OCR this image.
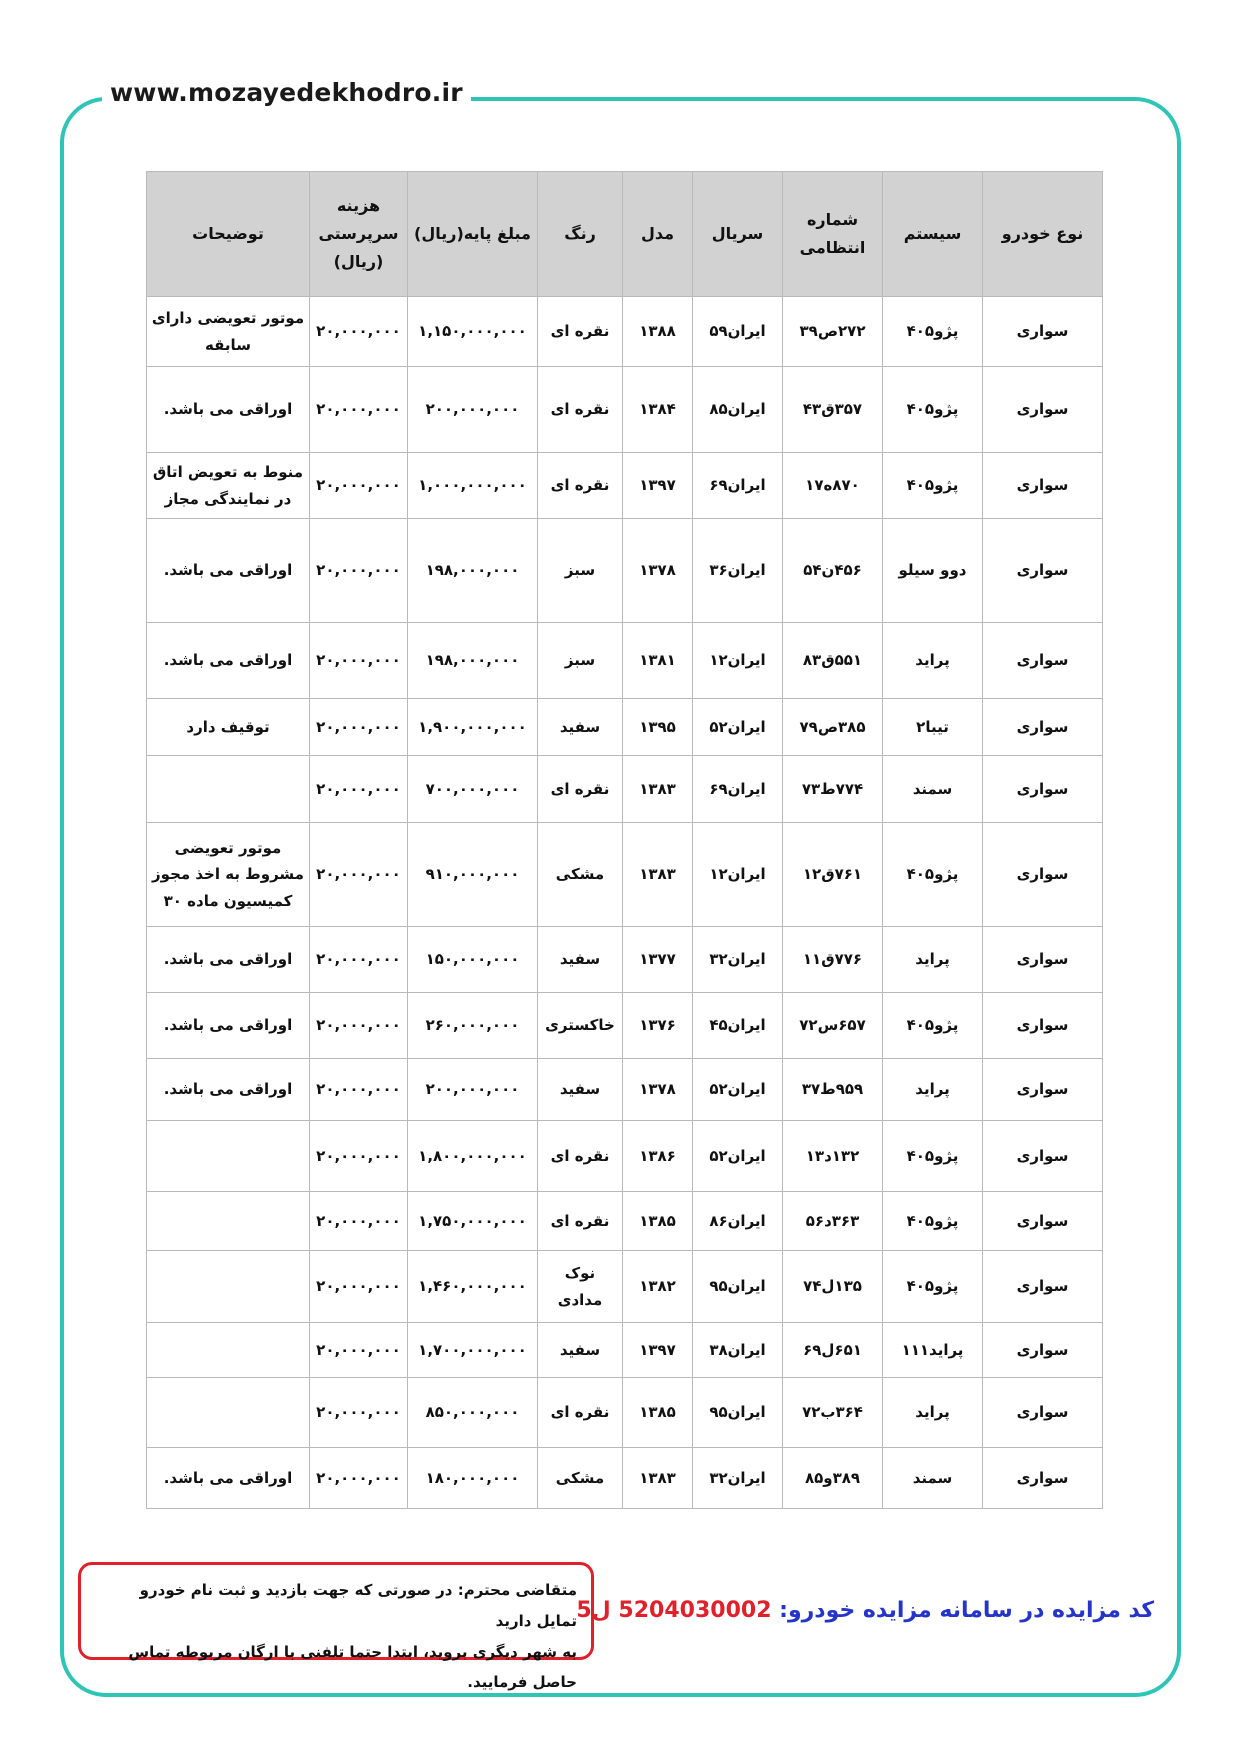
www.mozayedekhodro.ir
نوع خودرو	سیستم	شماره انتظامی	سریال	مدل	رنگ	مبلغ پایه(ریال)	هزینه سرپرستی (ریال)	توضیحات
سواری	پژو۴۰۵	۲۷۲ص۳۹	ایران۵۹	۱۳۸۸	نقره ای	۱,۱۵۰,۰۰۰,۰۰۰	۲۰,۰۰۰,۰۰۰	موتور تعویضی دارای سابقه
سواری	پژو۴۰۵	۳۵۷ق۴۳	ایران۸۵	۱۳۸۴	نقره ای	۲۰۰,۰۰۰,۰۰۰	۲۰,۰۰۰,۰۰۰	اوراقی می باشد.
سواری	پژو۴۰۵	۸۷۰ه۱۷	ایران۶۹	۱۳۹۷	نقره ای	۱,۰۰۰,۰۰۰,۰۰۰	۲۰,۰۰۰,۰۰۰	منوط به تعویض اتاق در نمایندگی مجاز
سواری	دوو سیلو	۴۵۶ن۵۴	ایران۳۶	۱۳۷۸	سبز	۱۹۸,۰۰۰,۰۰۰	۲۰,۰۰۰,۰۰۰	اوراقی می باشد.
سواری	پراید	۵۵۱ق۸۳	ایران۱۲	۱۳۸۱	سبز	۱۹۸,۰۰۰,۰۰۰	۲۰,۰۰۰,۰۰۰	اوراقی می باشد.
سواری	تیبا۲	۳۸۵ص۷۹	ایران۵۲	۱۳۹۵	سفید	۱,۹۰۰,۰۰۰,۰۰۰	۲۰,۰۰۰,۰۰۰	توقیف دارد
سواری	سمند	۷۷۴ط۷۳	ایران۶۹	۱۳۸۳	نقره ای	۷۰۰,۰۰۰,۰۰۰	۲۰,۰۰۰,۰۰۰	
سواری	پژو۴۰۵	۷۶۱ق۱۲	ایران۱۲	۱۳۸۳	مشکی	۹۱۰,۰۰۰,۰۰۰	۲۰,۰۰۰,۰۰۰	موتور تعویضی مشروط به اخذ مجوز کمیسیون ماده ۳۰
سواری	پراید	۷۷۶ق۱۱	ایران۳۲	۱۳۷۷	سفید	۱۵۰,۰۰۰,۰۰۰	۲۰,۰۰۰,۰۰۰	اوراقی می باشد.
سواری	پژو۴۰۵	۶۵۷س۷۲	ایران۴۵	۱۳۷۶	خاکستری	۲۶۰,۰۰۰,۰۰۰	۲۰,۰۰۰,۰۰۰	اوراقی می باشد.
سواری	پراید	۹۵۹ط۳۷	ایران۵۲	۱۳۷۸	سفید	۲۰۰,۰۰۰,۰۰۰	۲۰,۰۰۰,۰۰۰	اوراقی می باشد.
سواری	پژو۴۰۵	۱۳۲د۱۳	ایران۵۲	۱۳۸۶	نقره ای	۱,۸۰۰,۰۰۰,۰۰۰	۲۰,۰۰۰,۰۰۰	
سواری	پژو۴۰۵	۳۶۳د۵۶	ایران۸۶	۱۳۸۵	نقره ای	۱,۷۵۰,۰۰۰,۰۰۰	۲۰,۰۰۰,۰۰۰	
سواری	پژو۴۰۵	۱۳۵ل۷۴	ایران۹۵	۱۳۸۲	نوک مدادی	۱,۴۶۰,۰۰۰,۰۰۰	۲۰,۰۰۰,۰۰۰	
سواری	پراید۱۱۱	۶۵۱ل۶۹	ایران۳۸	۱۳۹۷	سفید	۱,۷۰۰,۰۰۰,۰۰۰	۲۰,۰۰۰,۰۰۰	
سواری	پراید	۳۶۴ب۷۲	ایران۹۵	۱۳۸۵	نقره ای	۸۵۰,۰۰۰,۰۰۰	۲۰,۰۰۰,۰۰۰	
سواری	سمند	۳۸۹و۸۵	ایران۳۲	۱۳۸۳	مشکی	۱۸۰,۰۰۰,۰۰۰	۲۰,۰۰۰,۰۰۰	اوراقی می باشد.
متقاضی محترم: در صورتی که جهت بازدید و ثبت نام خودرو تمایل دارید
به شهر دیگری بروید، ابتدا حتما تلفنی با ارگان مربوطه تماس حاصل فرمایید.
کد مزایده در سامانه مزایده خودرو: 5204030002 ل5
